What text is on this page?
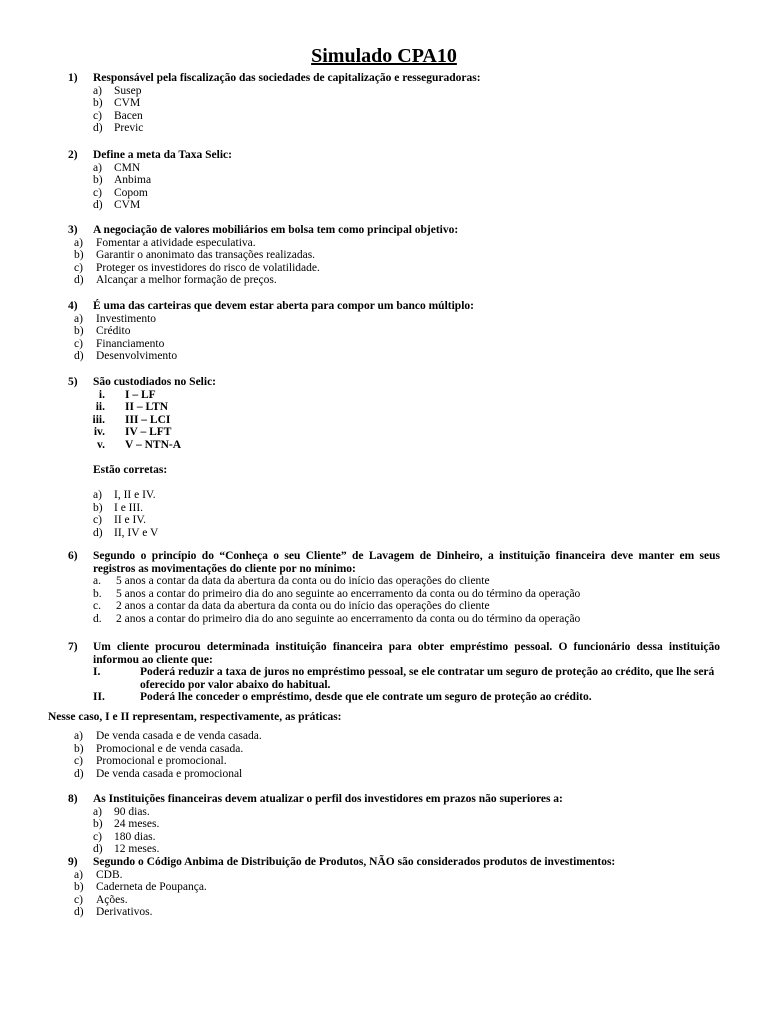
Simulado CPA10
1) Responsável pela fiscalização das sociedades de capitalização e resseguradoras:
a) Susep
b) CVM
c) Bacen
d) Previc
2) Define a meta da Taxa Selic:
a) CMN
b) Anbima
c) Copom
d) CVM
3) A negociação de valores mobiliários em bolsa tem como principal objetivo:
a) Fomentar a atividade especulativa.
b) Garantir o anonimato das transações realizadas.
c) Proteger os investidores do risco de volatilidade.
d) Alcançar a melhor formação de preços.
4) É uma das carteiras que devem estar aberta para compor um banco múltiplo:
a) Investimento
b) Crédito
c) Financiamento
d) Desenvolvimento
5) São custodiados no Selic:
i. I – LF
ii. II – LTN
iii. III – LCI
iv. IV – LFT
v. V – NTN-A
Estão corretas:
a) I, II e IV.
b) I e III.
c) II e IV.
d) II, IV e V
6) Segundo o princípio do “Conheça o seu Cliente” de Lavagem de Dinheiro, a instituição financeira deve manter em seus
registros as movimentações do cliente por no mínimo:
a. 5 anos a contar da data da abertura da conta ou do início das operações do cliente
b. 5 anos a contar do primeiro dia do ano seguinte ao encerramento da conta ou do término da operação
c. 2 anos a contar da data da abertura da conta ou do início das operações do cliente
d. 2 anos a contar do primeiro dia do ano seguinte ao encerramento da conta ou do término da operação
7) Um cliente procurou determinada instituição financeira para obter empréstimo pessoal. O funcionário dessa instituição
informou ao cliente que:
I.	Poderá reduzir a taxa de juros no empréstimo pessoal, se ele contratar um seguro de proteção ao crédito, que lhe será oferecido por valor abaixo do habitual.
II.	Poderá lhe conceder o empréstimo, desde que ele contrate um seguro de proteção ao crédito.
Nesse caso, I e II representam, respectivamente, as práticas:
a) De venda casada e de venda casada.
b) Promocional e de venda casada.
c) Promocional e promocional.
d) De venda casada e promocional
8) As Instituições financeiras devem atualizar o perfil dos investidores em prazos não superiores a:
a) 90 dias.
b) 24 meses.
c) 180 dias.
d) 12 meses.
9) Segundo o Código Anbima de Distribuição de Produtos, NÃO são considerados produtos de investimentos:
a) CDB.
b) Caderneta de Poupança.
c) Ações.
d) Derivativos.
